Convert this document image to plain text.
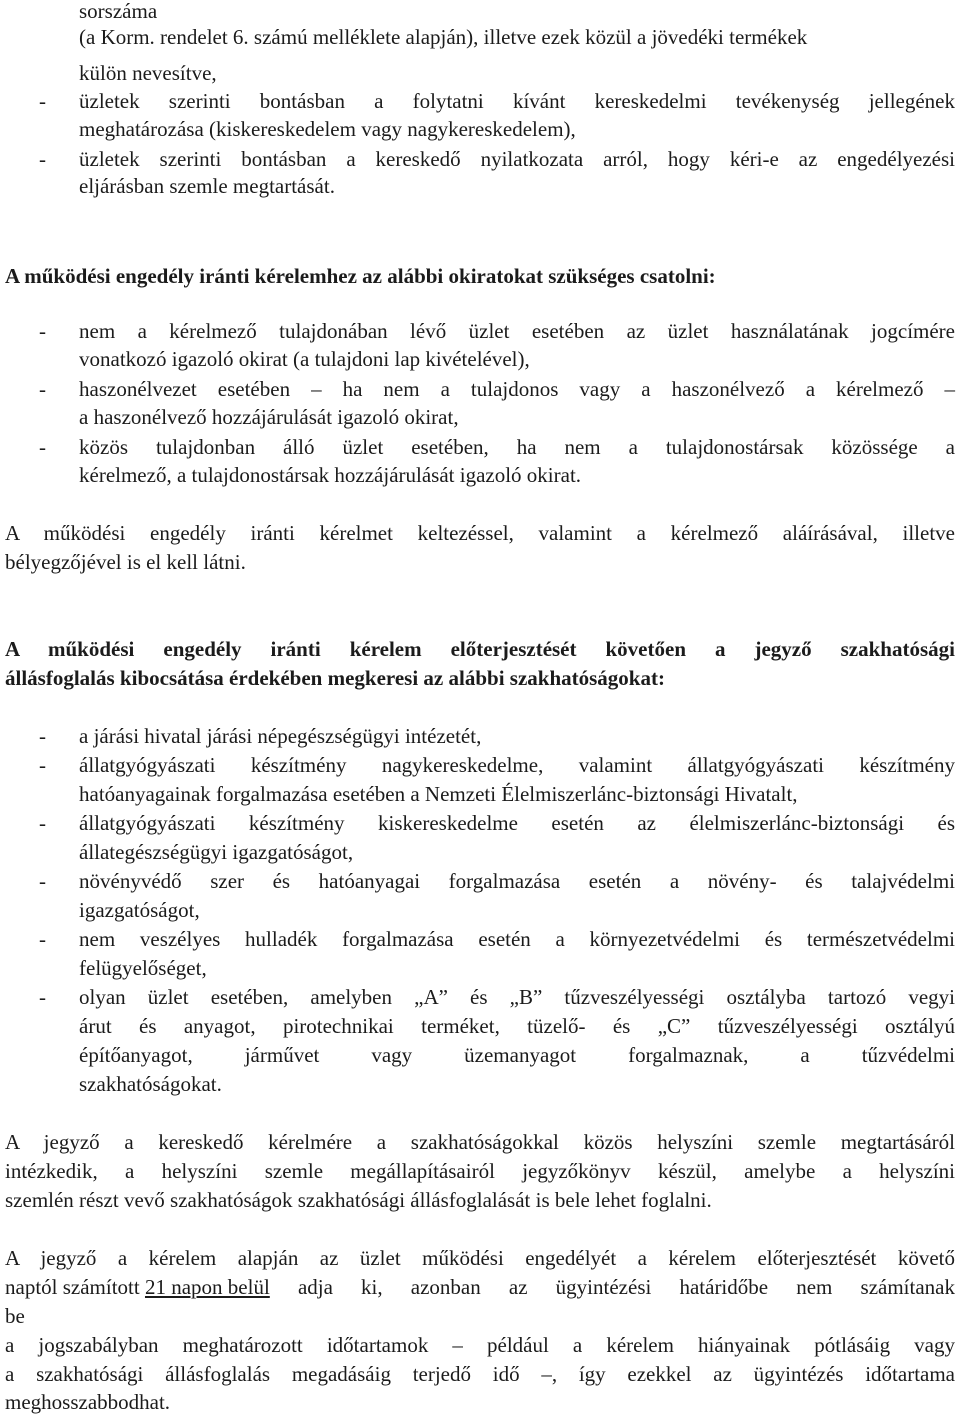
sorszáma

(a Korm. rendelet 6. számú melléklete alapján), illetve ezek közül a jövedéki termékek

külön nevesítve,

- üzletek szerinti bontásban a folytatni kívánt kereskedelmi tevékenység jellegének

meghatározása (kiskereskedelem vagy nagykereskedelem),

- üzletek szerinti bontásban a kereskedő nyilatkozata arról, hogy kéri-e az engedélyezési

eljárásban szemle megtartását.

A működési engedély iránti kérelemhez az alábbi okiratokat szükséges csatolni:

- nem a kérelmező tulajdonában lévő üzlet esetében az üzlet használatának jogcímére

vonatkozó igazoló okirat (a tulajdoni lap kivételével),

- haszonélvezet esetében – ha nem a tulajdonos vagy a haszonélvező a kérelmező –

a haszonélvező hozzájárulását igazoló okirat,

- közös tulajdonban álló üzlet esetében, ha nem a tulajdonostársak közössége a

kérelmező, a tulajdonostársak hozzájárulását igazoló okirat.

A működési engedély iránti kérelmet keltezéssel, valamint a kérelmező aláírásával, illetve

bélyegzőjével is el kell látni.

A működési engedély iránti kérelem előterjesztését követően a jegyző szakhatósági

állásfoglalás kibocsátása érdekében megkeresi az alábbi szakhatóságokat:

- a járási hivatal járási népegészségügyi intézetét,

- állatgyógyászati készítmény nagykereskedelme, valamint állatgyógyászati készítmény

hatóanyagainak forgalmazása esetében a Nemzeti Élelmiszerlánc-biztonsági Hivatalt,

- állatgyógyászati készítmény kiskereskedelme esetén az élelmiszerlánc-biztonsági és

állategészségügyi igazgatóságot,

- növényvédő szer és hatóanyagai forgalmazása esetén a növény- és talajvédelmi

igazgatóságot,

- nem veszélyes hulladék forgalmazása esetén a környezetvédelmi és természetvédelmi

felügyelőséget,

- olyan üzlet esetében, amelyben „A” és „B” tűzveszélyességi osztályba tartozó vegyi

árut és anyagot, pirotechnikai terméket, tüzelő- és „C” tűzveszélyességi osztályú

építőanyagot, járművet vagy üzemanyagot forgalmaznak, a tűzvédelmi

szakhatóságokat.

A jegyző a kereskedő kérelmére a szakhatóságokkal közös helyszíni szemle megtartásáról

intézkedik, a helyszíni szemle megállapításairól jegyzőkönyv készül, amelybe a helyszíni

szemlén részt vevő szakhatóságok szakhatósági állásfoglalását is bele lehet foglalni.

A jegyző a kérelem alapján az üzlet működési engedélyét a kérelem előterjesztését követő

naptól számított 21 napon belül adja ki, azonban az ügyintézési határidőbe nem számítanak

be

a jogszabályban meghatározott időtartamok – például a kérelem hiányainak pótlásáig vagy

a szakhatósági állásfoglalás megadásáig terjedő idő –, így ezekkel az ügyintézés időtartama

meghosszabbodhat.
